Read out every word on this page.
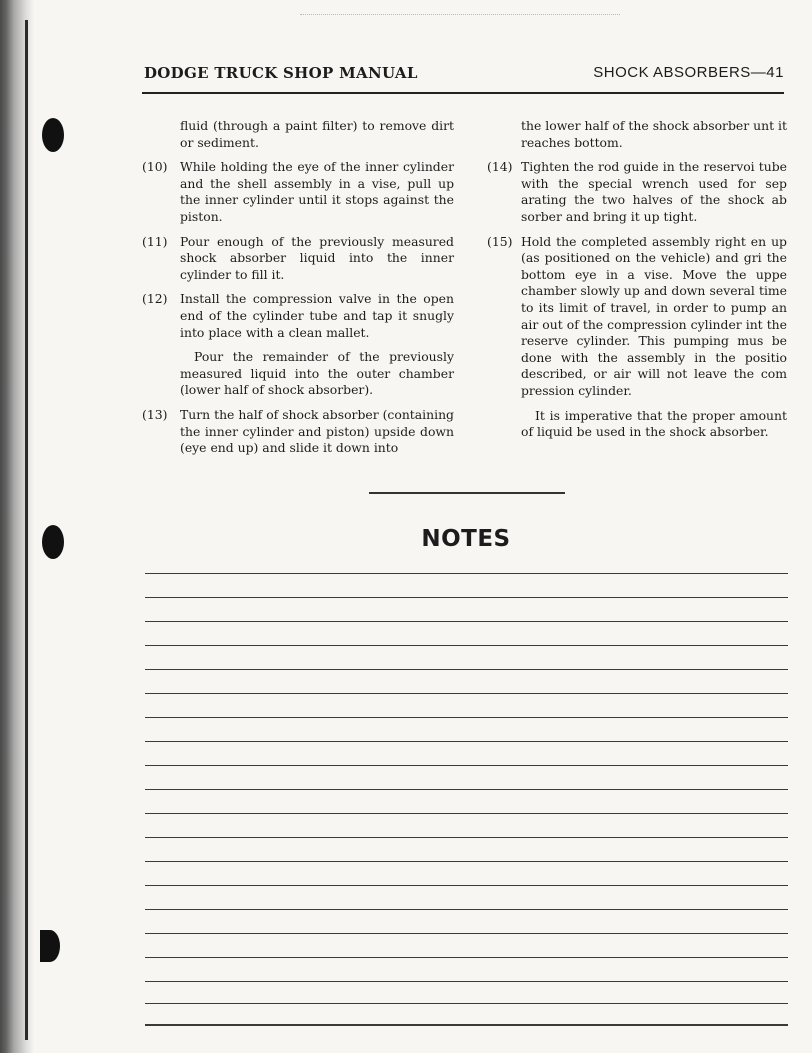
DODGE TRUCK SHOP MANUAL	SHOCK ABSORBERS—41

fluid (through a paint filter) to remove dirt or sediment.

(10) While holding the eye of the inner cylinder and the shell assembly in a vise, pull up the inner cylinder until it stops against the piston.

(11) Pour enough of the previously measured shock absorber liquid into the inner cylinder to fill it.

(12) Install the compression valve in the open end of the cylinder tube and tap it snugly into place with a clean mallet.

Pour the remainder of the previously measured liquid into the outer chamber (lower half of shock absorber).

(13) Turn the half of shock absorber (containing the inner cylinder and piston) upside down (eye end up) and slide it down into

the lower half of the shock absorber unt it reaches bottom.

(14) Tighten the rod guide in the reservoi tube with the special wrench used for sep arating the two halves of the shock ab sorber and bring it up tight.

(15) Hold the completed assembly right en up (as positioned on the vehicle) and gri the bottom eye in a vise. Move the uppe chamber slowly up and down several time to its limit of travel, in order to pump an air out of the compression cylinder int the reserve cylinder. This pumping mus be done with the assembly in the positio described, or air will not leave the com pression cylinder.

It is imperative that the proper amount of liquid be used in the shock absorber.

NOTES
